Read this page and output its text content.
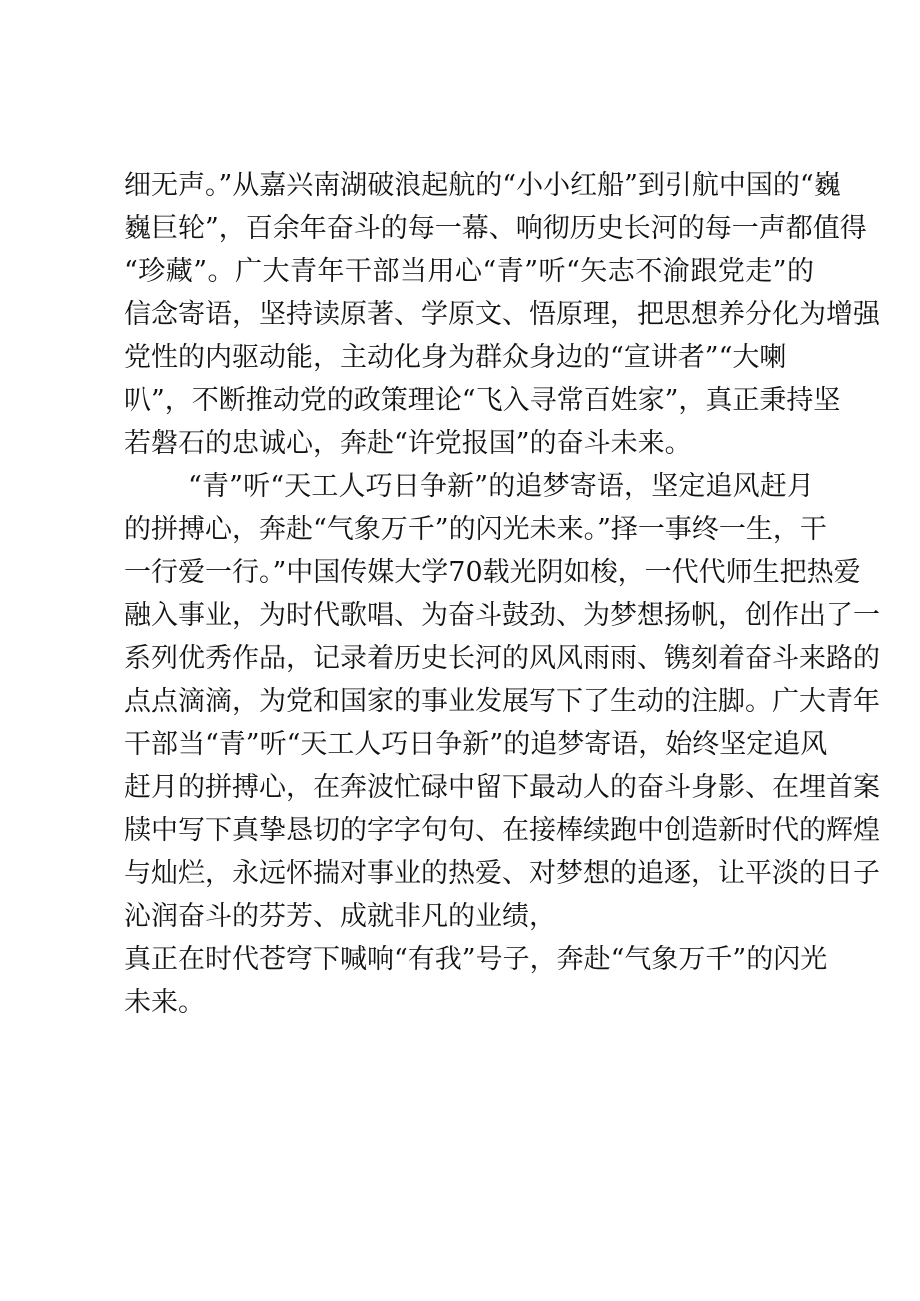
细无声。”从嘉兴南湖破浪起航的“小小红船”到引航中国的“巍
巍巨轮”，百余年奋斗的每一幕、响彻历史长河的每一声都值得
“珍藏”。广大青年干部当用心“青”听“矢志不渝跟党走”的
信念寄语，坚持读原著、学原文、悟原理，把思想养分化为增强
党性的内驱动能，主动化身为群众身边的“宣讲者”“大喇
叭”，不断推动党的政策理论“飞入寻常百姓家”，真正秉持坚
若磐石的忠诚心，奔赴“许党报国”的奋斗未来。
“青”听“天工人巧日争新”的追梦寄语，坚定追风赶月
的拼搏心，奔赴“气象万千”的闪光未来。”择一事终一生，干
一行爱一行。”中国传媒大学70载光阴如梭，一代代师生把热爱
融入事业，为时代歌唱、为奋斗鼓劲、为梦想扬帆，创作出了一
系列优秀作品，记录着历史长河的风风雨雨、镌刻着奋斗来路的
点点滴滴，为党和国家的事业发展写下了生动的注脚。广大青年
干部当“青”听“天工人巧日争新”的追梦寄语，始终坚定追风
赶月的拼搏心，在奔波忙碌中留下最动人的奋斗身影、在埋首案
牍中写下真挚恳切的字字句句、在接棒续跑中创造新时代的辉煌
与灿烂，永远怀揣对事业的热爱、对梦想的追逐，让平淡的日子
沁润奋斗的芬芳、成就非凡的业绩，
真正在时代苍穹下喊响“有我”号子，奔赴“气象万千”的闪光
未来。
